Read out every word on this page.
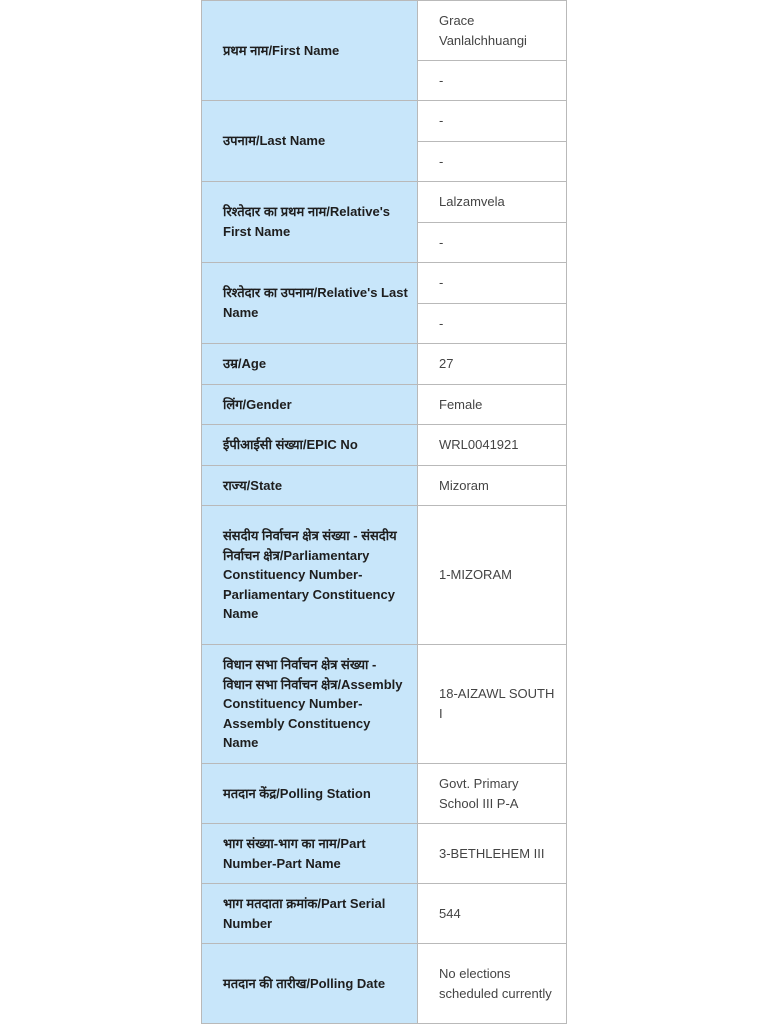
प्रथम नाम/First Name	Grace Vanlalchhuangi
	-
उपनाम/Last Name	-
	-
रिश्तेदार का प्रथम नाम/Relative's First Name	Lalzamvela
	-
रिश्तेदार का उपनाम/Relative's Last Name	-
	-
उम्र/Age	27
लिंग/Gender	Female
ईपीआईसी संख्या/EPIC No	WRL0041921
राज्य/State	Mizoram
संसदीय निर्वाचन क्षेत्र संख्या - संसदीय निर्वाचन क्षेत्र/Parliamentary Constituency Number-Parliamentary Constituency Name	1-MIZORAM
विधान सभा निर्वाचन क्षेत्र संख्या - विधान सभा निर्वाचन क्षेत्र/Assembly Constituency Number-Assembly Constituency Name	18-AIZAWL SOUTH I
मतदान केंद्र/Polling Station	Govt. Primary School III P-A
भाग संख्या-भाग का नाम/Part Number-Part Name	3-BETHLEHEM III
भाग मतदाता क्रमांक/Part Serial Number	544
मतदान की तारीख/Polling Date	No elections scheduled currently
